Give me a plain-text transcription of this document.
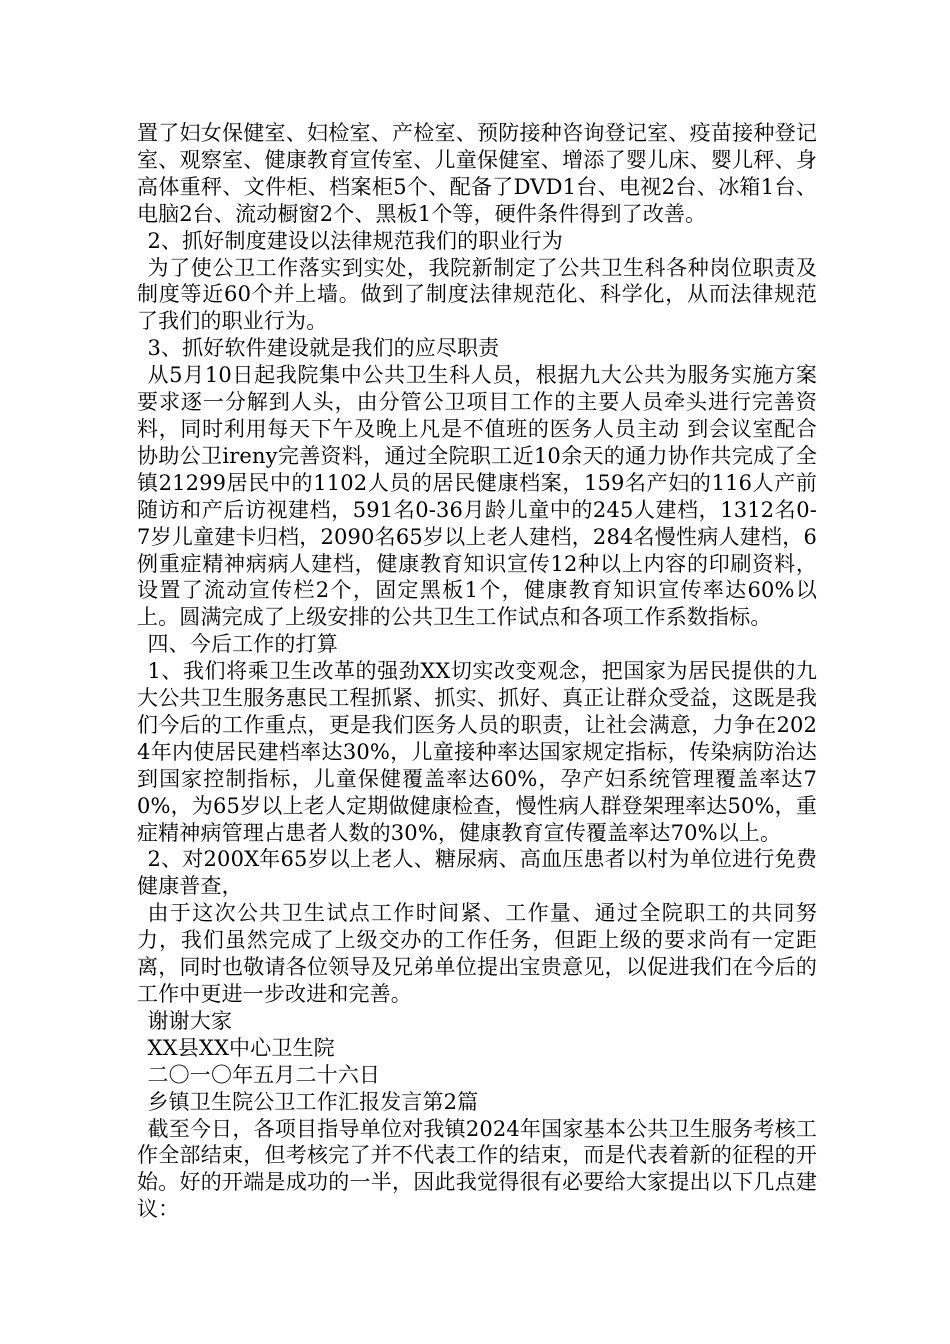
置了妇女保健室、妇检室、产检室、预防接种咨询登记室、疫苗接种登记室、观察室、健康教育宣传室、儿童保健室、增添了婴儿床、婴儿秤、身高体重秤、文件柜、档案柜5个、配备了DVD1台、电视2台、冰箱1台、电脑2台、流动橱窗2个、黑板1个等，硬件条件得到了改善。

2、抓好制度建设以法律规范我们的职业行为

为了使公卫工作落实到实处，我院新制定了公共卫生科各种岗位职责及制度等近60个并上墙。做到了制度法律规范化、科学化，从而法律规范了我们的职业行为。

3、抓好软件建设就是我们的应尽职责

从5月10日起我院集中公共卫生科人员，根据九大公共为服务实施方案要求逐一分解到人头，由分管公卫项目工作的主要人员牵头进行完善资料，同时利用每天下午及晚上凡是不值班的医务人员主动 到会议室配合协助公卫ireny完善资料，通过全院职工近10余天的通力协作共完成了全镇21299居民中的1102人员的居民健康档案，159名产妇的116人产前随访和产后访视建档，591名0-36月龄儿童中的245人建档，1312名0-7岁儿童建卡归档，2090名65岁以上老人建档，284名慢性病人建档，6例重症精神病病人建档，健康教育知识宣传12种以上内容的印刷资料，设置了流动宣传栏2个，固定黑板1个，健康教育知识宣传率达60%以上。圆满完成了上级安排的公共卫生工作试点和各项工作系数指标。

四、今后工作的打算

1、我们将乘卫生改革的强劲XX切实改变观念，把国家为居民提供的九大公共卫生服务惠民工程抓紧、抓实、抓好、真正让群众受益，这既是我们今后的工作重点，更是我们医务人员的职责，让社会满意，力争在2024年内使居民建档率达30%，儿童接种率达国家规定指标，传染病防治达到国家控制指标，儿童保健覆盖率达60%，孕产妇系统管理覆盖率达70%，为65岁以上老人定期做健康检查，慢性病人群登架理率达50%，重症精神病管理占患者人数的30%，健康教育宣传覆盖率达70%以上。

2、对200X年65岁以上老人、糖尿病、高血压患者以村为单位进行免费健康普查，

由于这次公共卫生试点工作时间紧、工作量、通过全院职工的共同努力，我们虽然完成了上级交办的工作任务，但距上级的要求尚有一定距离，同时也敬请各位领导及兄弟单位提出宝贵意见，以促进我们在今后的工作中更进一步改进和完善。

谢谢大家

XX县XX中心卫生院

二〇一〇年五月二十六日

乡镇卫生院公卫工作汇报发言第2篇

截至今日，各项目指导单位对我镇2024年国家基本公共卫生服务考核工作全部结束，但考核完了并不代表工作的结束，而是代表着新的征程的开始。好的开端是成功的一半，因此我觉得很有必要给大家提出以下几点建议：
